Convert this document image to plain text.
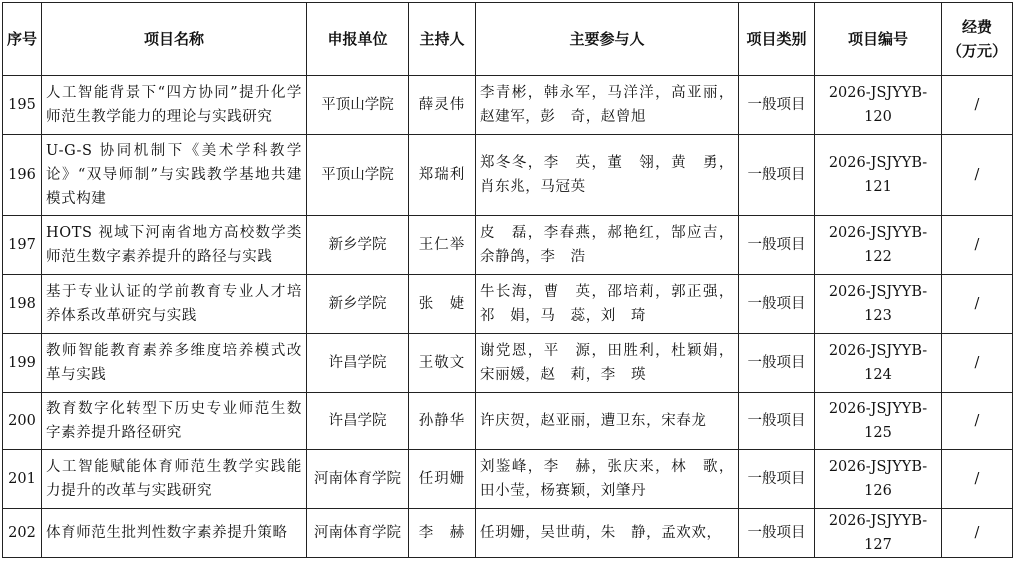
序号	项目名称	申报单位	主持人	主要参与人	项目类别	项目编号	经费
（万元）

195	人工智能背景下“四方协同”提升化学师范生教学能力的理论与实践研究	平顶山学院	薛灵伟	李青彬，韩永军，马洋洋，高亚丽，赵建军，彭　奇，赵曾旭	一般项目	2026-JSJYYB-120	/
196	U-G-S 协同机制下《美术学科教学论》“双导师制”与实践教学基地共建模式构建	平顶山学院	郑瑞利	郑冬冬，李　英，董　翎，黄　勇，肖东兆，马冠英	一般项目	2026-JSJYYB-121	/
197	HOTS 视域下河南省地方高校数学类师范生数字素养提升的路径与实践	新乡学院	王仁举	皮　磊，李春燕，郝艳红，郜应吉，余静鸽，李　浩	一般项目	2026-JSJYYB-122	/
198	基于专业认证的学前教育专业人才培养体系改革研究与实践	新乡学院	张　婕	牛长海，曹　英，邵培莉，郭正强，祁　娟，马　蕊，刘　琦	一般项目	2026-JSJYYB-123	/
199	教师智能教育素养多维度培养模式改革与实践	许昌学院	王敬文	谢党恩，平　源，田胜利，杜颖娟，宋丽媛，赵　莉，李　瑛	一般项目	2026-JSJYYB-124	/
200	教育数字化转型下历史专业师范生数字素养提升路径研究	许昌学院	孙静华	许庆贺，赵亚丽，遭卫东，宋春龙	一般项目	2026-JSJYYB-125	/
201	人工智能赋能体育师范生教学实践能力提升的改革与实践研究	河南体育学院	任玥姗	刘鉴峰，李　赫，张庆来，林　歌，田小莹，杨赛颖，刘肇丹	一般项目	2026-JSJYYB-126	/
202	体育师范生批判性数字素养提升策略	河南体育学院	李　赫	任玥姗，吴世萌，朱　静，孟欢欢，	一般项目	2026-JSJYYB-127	/
